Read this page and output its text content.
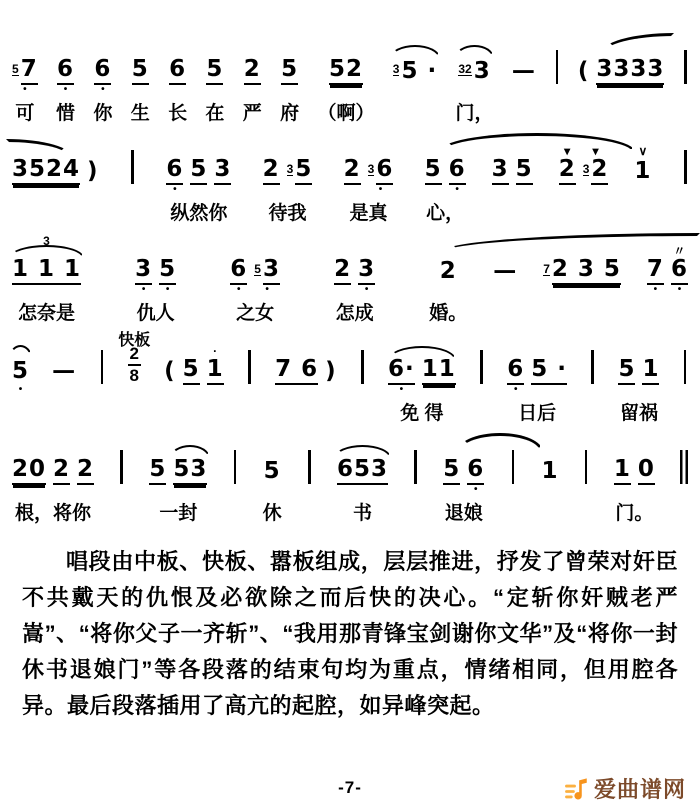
5 7
•
可
6
•
惜
6
•
你
5
生
6
长
5
在
2
严
5
府
52
（啊）
3 5 ·
32 3
门，
—

( 3333

3524 )

	6
•
5 3
纵然你
2 3 5
待我
2 3 6
•
是真
5 6
•
心，
3 5

▾
2
▾
3 2

∨
1

3
1 1 1
怎奈是
3
•
5
•
仇人
6
•
5 3
•
之女
2 3
•
怎成
2
婚。
—
7 2 3 5
7
•
〃
6
•

5
•

—

快板
$\frac{2}{8}$
( 5
·
1

7 6 )

6·
•
11
免 得

6
•
5 ·
日后

5 1
留祸

20 2 2
根，将你

5 53
一封

5
休

653
书

5 6
•
退娘

1

1 0
门。

唱段由中板、快板、嚣板组成，层层推进，抒发了曾荣对奸臣不共戴天的仇恨及必欲除之而后快的决心。“定斩你奸贼老严嵩”、“将你父子一齐斩”、“我用那青锋宝剑谢你文华”及“将你一封休书退娘门”等各段落的结束句均为重点，情绪相同，但用腔各异。最后段落插用了高亢的起腔，如异峰突起。

-7-	爱曲谱网
